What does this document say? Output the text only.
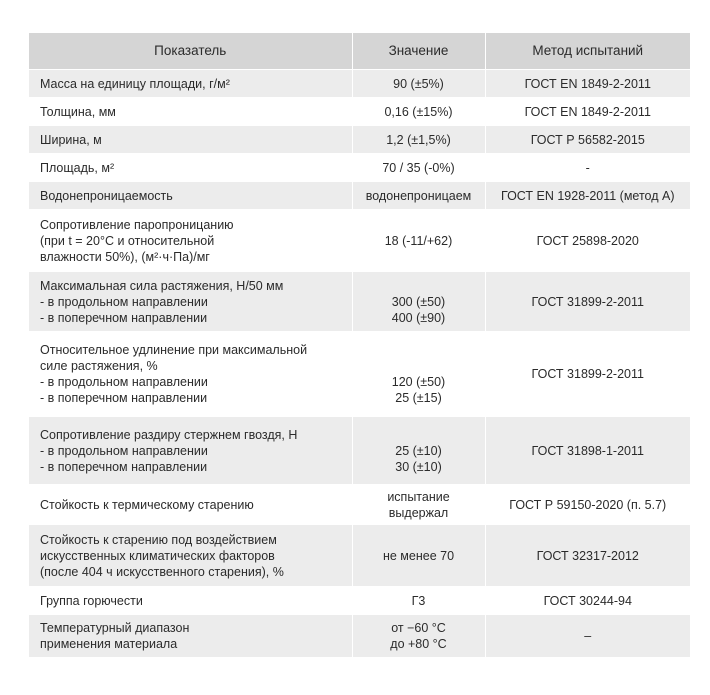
Показатель	Значение	Метод испытаний

Масса на единицу площади, г/м²	90 (±5%)	ГОСТ EN 1849-2-2011

Толщина, мм	0,16 (±15%)	ГОСТ EN 1849-2-2011

Ширина, м	1,2 (±1,5%)	ГОСТ Р 56582-2015

Площадь, м²	70 / 35 (-0%)	-

Водонепроницаемость	водонепроницаем	ГОСТ EN 1928-2011 (метод А)

Сопротивление паропроницанию
(при t = 20°C и относительной
влажности 50%), (м²·ч·Па)/мг	18 (-11/+62)	ГОСТ 25898-2020

Максимальная сила растяжения, Н/50 мм
- в продольном направлении
- в поперечном направлении	300 (±50)
400 (±90)	ГОСТ 31899-2-2011

Относительное удлинение при максимальной
силе растяжения, %
- в продольном направлении
- в поперечном направлении	120 (±50)
25 (±15)	ГОСТ 31899-2-2011

Сопротивление раздиру стержнем гвоздя, Н
- в продольном направлении
- в поперечном направлении	25 (±10)
30 (±10)	ГОСТ 31898-1-2011

Стойкость к термическому старению	испытание
выдержал	ГОСТ Р 59150-2020 (п. 5.7)

Стойкость к старению под воздействием
искусственных климатических факторов
(после 404 ч искусственного старения), %	не менее 70	ГОСТ 32317-2012

Группа горючести	Г3	ГОСТ 30244-94

Температурный диапазон
применения материала	от −60 °C
до +80 °C	–
